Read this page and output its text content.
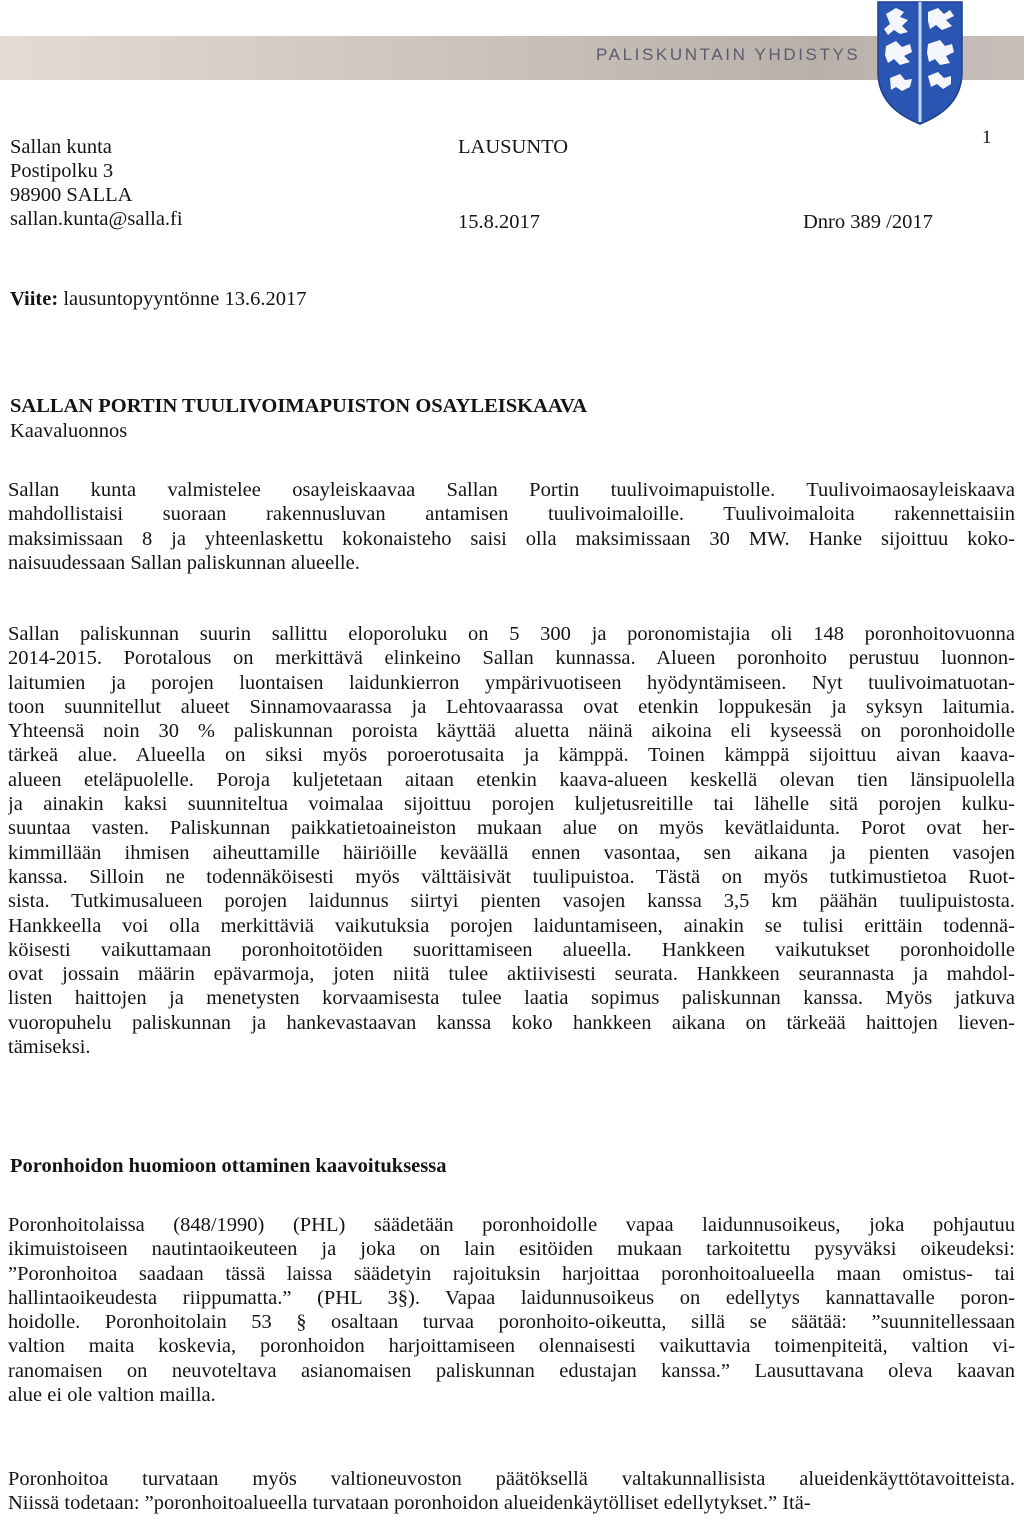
PALISKUNTAIN YHDISTYS
Sallan kunta
Postipolku 3
98900 SALLA
sallan.kunta@salla.fi
LAUSUNTO	1
15.8.2017	Dnro 389 /2017
Viite: lausuntopyyntönne 13.6.2017
SALLAN PORTIN TUULIVOIMAPUISTON OSAYLEISKAAVA
Kaavaluonnos
Sallan kunta valmistelee osayleiskaavaa Sallan Portin tuulivoimapuistolle. Tuulivoimaosayleiskaava
mahdollistaisi suoraan rakennusluvan antamisen tuulivoimaloille. Tuulivoimaloita rakennettaisiin
maksimissaan 8 ja yhteenlaskettu kokonaisteho saisi olla maksimissaan 30 MW. Hanke sijoittuu koko-
naisuudessaan Sallan paliskunnan alueelle.
Sallan paliskunnan suurin sallittu eloporoluku on 5 300 ja poronomistajia oli 148 poronhoitovuonna
2014-2015. Porotalous on merkittävä elinkeino Sallan kunnassa. Alueen poronhoito perustuu luonnon-
laitumien ja porojen luontaisen laidunkierron ympärivuotiseen hyödyntämiseen. Nyt tuulivoimatuotan-
toon suunnitellut alueet Sinnamovaarassa ja Lehtovaarassa ovat etenkin loppukesän ja syksyn laitumia.
Yhteensä noin 30 % paliskunnan poroista käyttää aluetta näinä aikoina eli kyseessä on poronhoidolle
tärkeä alue. Alueella on siksi myös poroerotusaita ja kämppä. Toinen kämppä sijoittuu aivan kaava-
alueen eteläpuolelle. Poroja kuljetetaan aitaan etenkin kaava-alueen keskellä olevan tien länsipuolella
ja ainakin kaksi suunniteltua voimalaa sijoittuu porojen kuljetusreitille tai lähelle sitä porojen kulku-
suuntaa vasten. Paliskunnan paikkatietoaineiston mukaan alue on myös kevätlaidunta. Porot ovat her-
kimmillään ihmisen aiheuttamille häiriöille keväällä ennen vasontaa, sen aikana ja pienten vasojen
kanssa. Silloin ne todennäköisesti myös välttäisivät tuulipuistoa. Tästä on myös tutkimustietoa Ruot-
sista. Tutkimusalueen porojen laidunnus siirtyi pienten vasojen kanssa 3,5 km päähän tuulipuistosta.
Hankkeella voi olla merkittäviä vaikutuksia porojen laiduntamiseen, ainakin se tulisi erittäin todennä-
köisesti vaikuttamaan poronhoitotöiden suorittamiseen alueella. Hankkeen vaikutukset poronhoidolle
ovat jossain määrin epävarmoja, joten niitä tulee aktiivisesti seurata. Hankkeen seurannasta ja mahdol-
listen haittojen ja menetysten korvaamisesta tulee laatia sopimus paliskunnan kanssa. Myös jatkuva
vuoropuhelu paliskunnan ja hankevastaavan kanssa koko hankkeen aikana on tärkeää haittojen lieven-
tämiseksi.
Poronhoidon huomioon ottaminen kaavoituksessa
Poronhoitolaissa (848/1990) (PHL) säädetään poronhoidolle vapaa laidunnusoikeus, joka pohjautuu
ikimuistoiseen nautintaoikeuteen ja joka on lain esitöiden mukaan tarkoitettu pysyväksi oikeudeksi:
”Poronhoitoa saadaan tässä laissa säädetyin rajoituksin harjoittaa poronhoitoalueella maan omistus- tai
hallintaoikeudesta riippumatta.” (PHL 3§). Vapaa laidunnusoikeus on edellytys kannattavalle poron-
hoidolle. Poronhoitolain 53 § osaltaan turvaa poronhoito-oikeutta, sillä se säätää: ”suunnitellessaan
valtion maita koskevia, poronhoidon harjoittamiseen olennaisesti vaikuttavia toimenpiteitä, valtion vi-
ranomaisen on neuvoteltava asianomaisen paliskunnan edustajan kanssa.” Lausuttavana oleva kaavan
alue ei ole valtion mailla.
Poronhoitoa turvataan myös valtioneuvoston päätöksellä valtakunnallisista alueidenkäyttötavoitteista.
Niissä todetaan: ”poronhoitoalueella turvataan poronhoidon alueidenkäytölliset edellytykset.” Itä-
